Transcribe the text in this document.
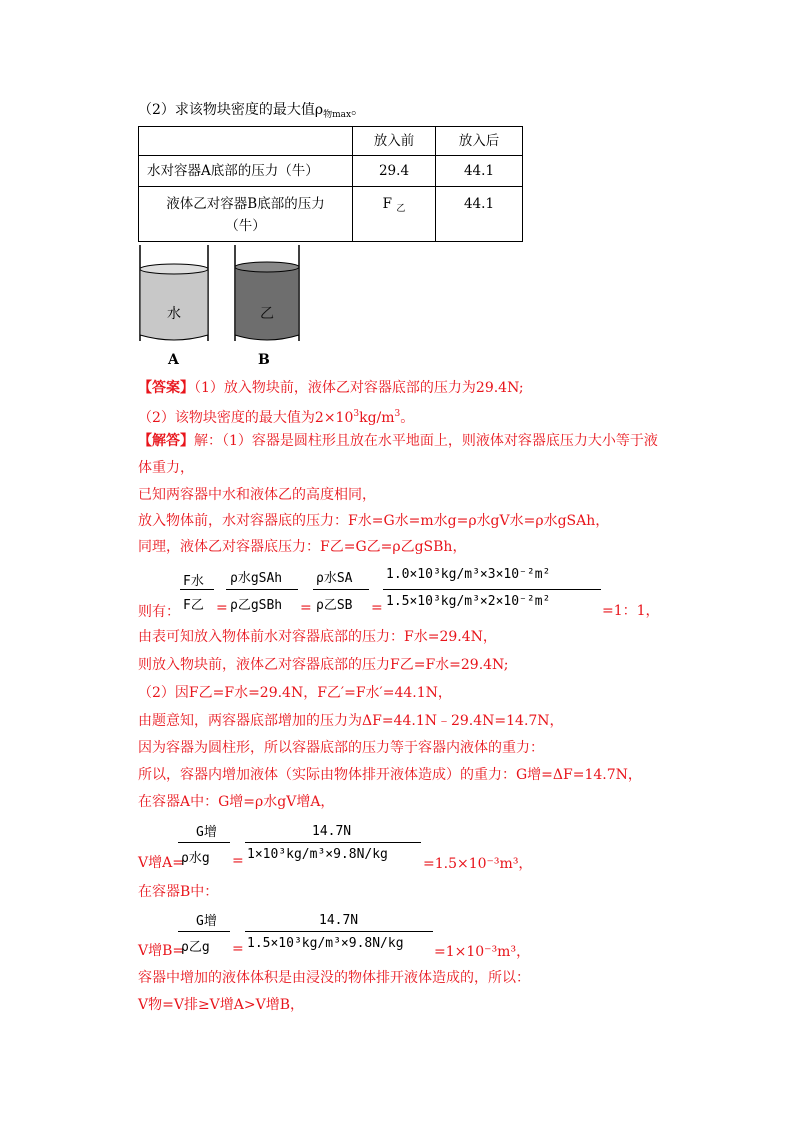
（2）求该物块密度的最大值$\rho_{物max}$。
	放入前	放入后
水对容器A底部的压力（牛）	29.4	44.1

液体乙对容器B底部的压力
（牛）	F $_乙$	44.1
水	乙
A	B
【答案】（1）放入物块前，液体乙对容器底部的压力为29.4N;
（2）该物块密度的最大值为$2\times 10^3kg/m^3$。
【解答】解：（1）容器是圆柱形且放在水平地面上，则液体对容器底压力大小等于液
体重力，
已知两容器中水和液体乙的高度相同，
放入物体前，水对容器底的压力：F水=G水=m水g=ρ水gV水=ρ水gSAh，
同理，液体乙对容器底压力：F乙=G乙=ρ乙gSBh，
则有：
F水
F乙 =
ρ水gSAh
ρ乙gSBh =
ρ水SA
ρ乙SB =
1.0×10³kg/m³×3×10⁻²m²
1.5×10³kg/m³×2×10⁻²m²
=1：1，
由表可知放入物体前水对容器底部的压力：F水=29.4N，
则放入物块前，液体乙对容器底部的压力F乙=F水=29.4N;
（2）因F乙=F水=29.4N，F乙′=F水′=44.1N，
由题意知，两容器底部增加的压力为ΔF=44.1N﹣29.4N=14.7N，
因为容器为圆柱形，所以容器底部的压力等于容器内液体的重力：
所以，容器内增加液体（实际由物体排开液体造成）的重力：G增=ΔF=14.7N，
在容器A中：G增=ρ水gV增A，
V增A=
G增
ρ水g =
14.7N
1×10³kg/m³×9.8N/kg
=1.5×10⁻³m³，
在容器B中：
V增B=
G增
ρ乙g =
14.7N
1.5×10³kg/m³×9.8N/kg
=1×10⁻³m³，
容器中增加的液体体积是由浸没的物体排开液体造成的，所以：
V物=V排≥V增A>V增B，
